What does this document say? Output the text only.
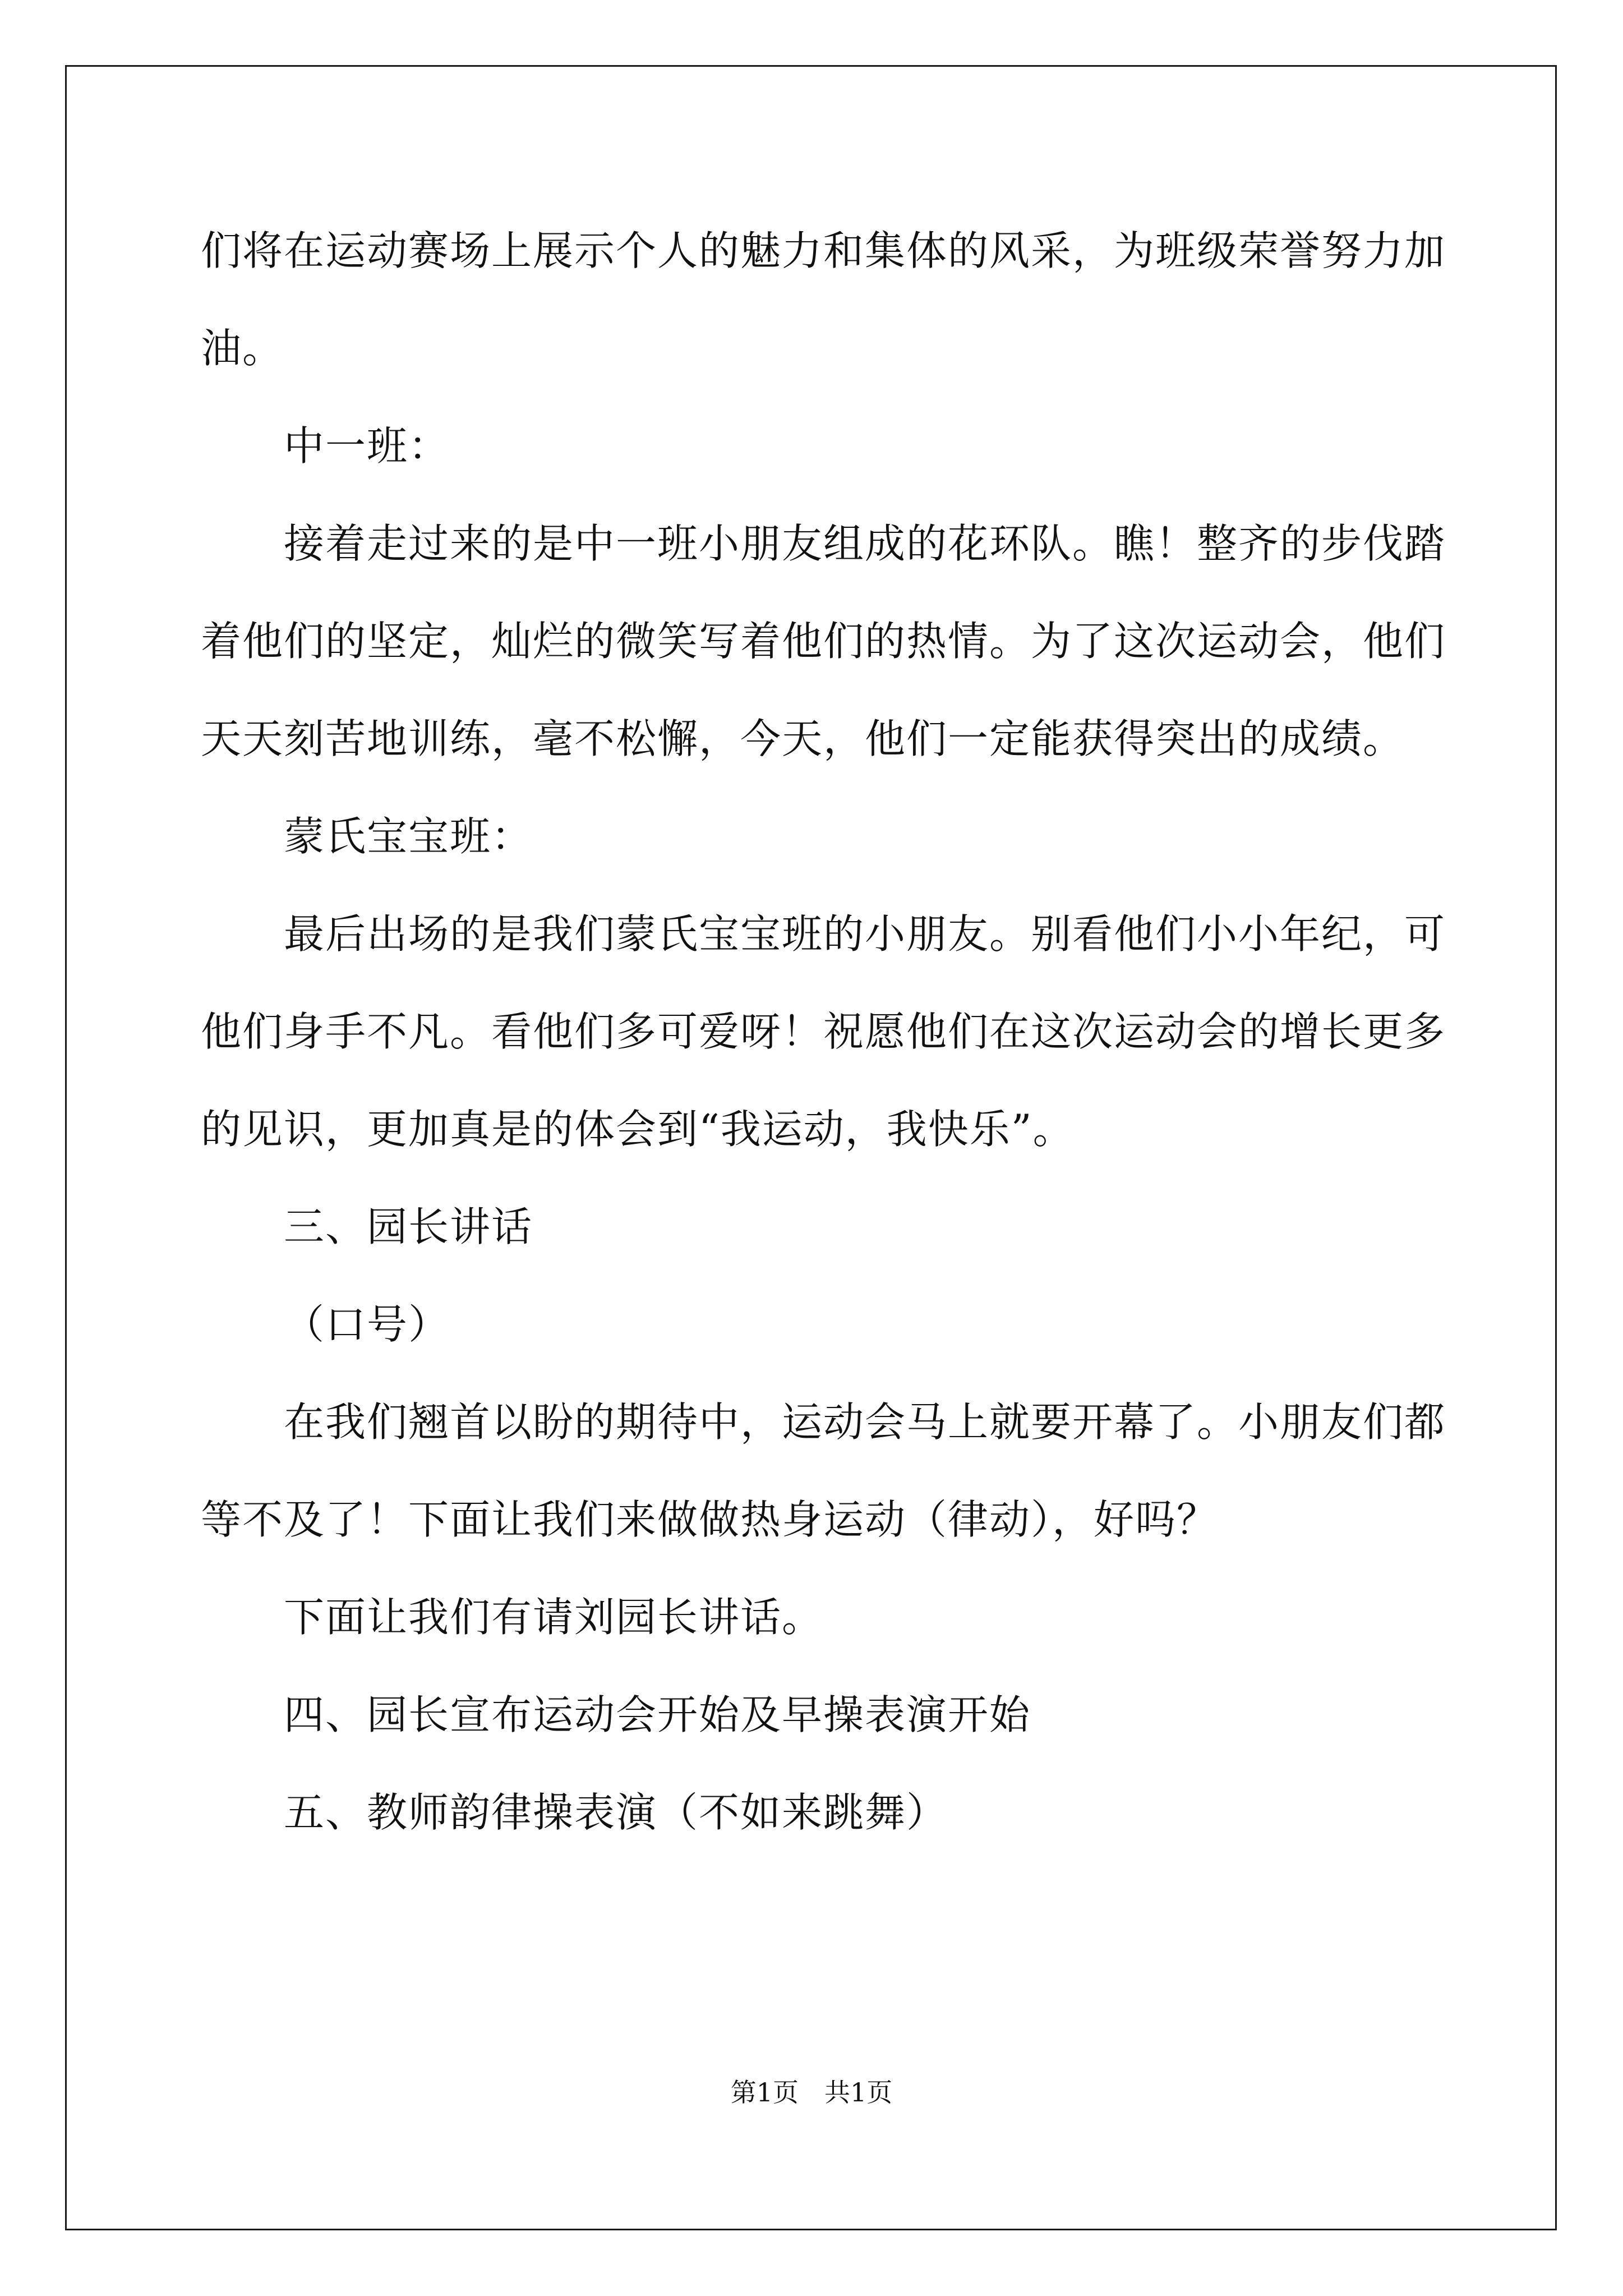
们将在运动赛场上展示个人的魅力和集体的风采，为班级荣誉努力加

油。

中一班：

接着走过来的是中一班小朋友组成的花环队。瞧！整齐的步伐踏

着他们的坚定，灿烂的微笑写着他们的热情。为了这次运动会，他们

天天刻苦地训练，毫不松懈，今天，他们一定能获得突出的成绩。

蒙氏宝宝班：

最后出场的是我们蒙氏宝宝班的小朋友。别看他们小小年纪，可

他们身手不凡。看他们多可爱呀！祝愿他们在这次运动会的增长更多

的见识，更加真是的体会到“我运动，我快乐”。

三、园长讲话

（口号）

在我们翘首以盼的期待中，运动会马上就要开幕了。小朋友们都

等不及了！下面让我们来做做热身运动（律动），好吗？

下面让我们有请刘园长讲话。

四、园长宣布运动会开始及早操表演开始

五、教师韵律操表演（不如来跳舞）

第1页　共1页
